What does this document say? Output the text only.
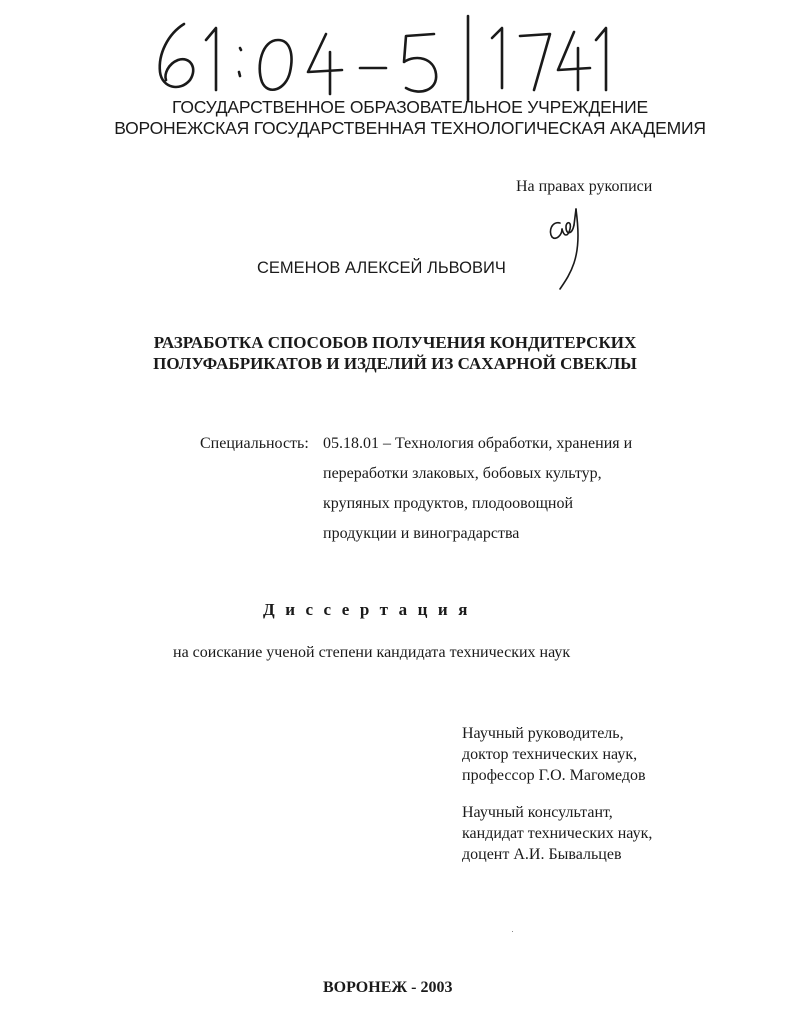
ГОСУДАРСТВЕННОЕ ОБРАЗОВАТЕЛЬНОЕ УЧРЕЖДЕНИЕ
ВОРОНЕЖСКАЯ ГОСУДАРСТВЕННАЯ ТЕХНОЛОГИЧЕСКАЯ АКАДЕМИЯ
На правах рукописи
СЕМЕНОВ АЛЕКСЕЙ ЛЬВОВИЧ
РАЗРАБОТКА СПОСОБОВ ПОЛУЧЕНИЯ КОНДИТЕРСКИХ
ПОЛУФАБРИКАТОВ И ИЗДЕЛИЙ ИЗ САХАРНОЙ СВЕКЛЫ
Специальность: 05.18.01 – Технология обработки, хранения и
переработки злаковых, бобовых культур,
крупяных продуктов, плодоовощной
продукции и виноградарства
Диссертация
на соискание ученой степени кандидата технических наук
Научный руководитель,
доктор технических наук,
профессор Г.О. Магомедов
Научный консультант,
кандидат технических наук,
доцент А.И. Бывальцев
ВОРОНЕЖ - 2003
